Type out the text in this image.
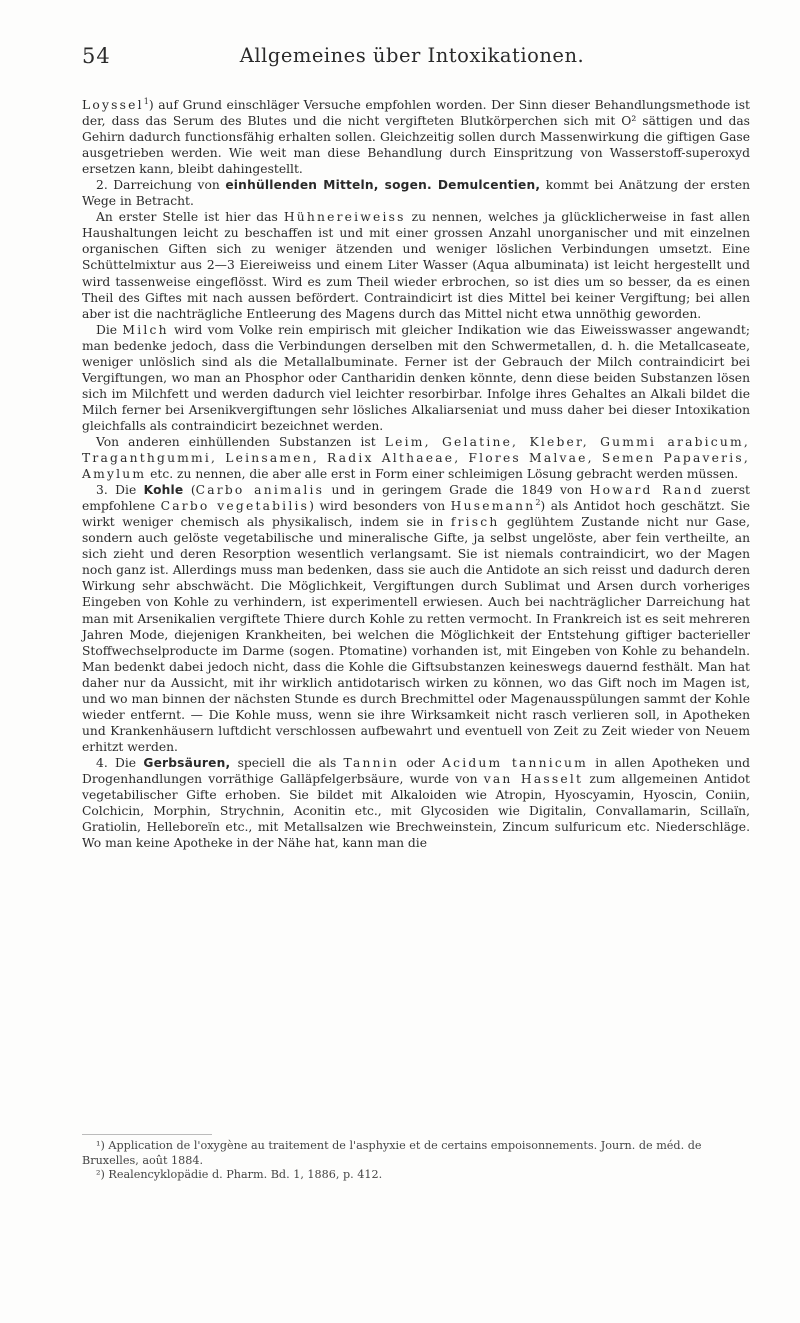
54	Allgemeines über Intoxikationen.

Loyssel$^1$) auf Grund einschläger Versuche empfohlen worden. Der Sinn dieser Behandlungsmethode ist der, dass das Serum des Blutes und die nicht vergifteten Blutkörperchen sich mit O² sättigen und das Gehirn dadurch functionsfähig erhalten sollen. Gleichzeitig sollen durch Massenwirkung die giftigen Gase ausgetrieben werden. Wie weit man diese Behandlung durch Einspritzung von Wasserstoff-superoxyd ersetzen kann, bleibt dahingestellt.

2. Darreichung von einhüllenden Mitteln, sogen. Demulcentien, kommt bei Anätzung der ersten Wege in Betracht.

An erster Stelle ist hier das Hühnereiweiss zu nennen, welches ja glücklicherweise in fast allen Haushaltungen leicht zu beschaffen ist und mit einer grossen Anzahl unorganischer und mit einzelnen organischen Giften sich zu weniger ätzenden und weniger löslichen Verbindungen umsetzt. Eine Schüttelmixtur aus 2—3 Eiereiweiss und einem Liter Wasser (Aqua albuminata) ist leicht hergestellt und wird tassenweise eingeflösst. Wird es zum Theil wieder erbrochen, so ist dies um so besser, da es einen Theil des Giftes mit nach aussen befördert. Contraindicirt ist dies Mittel bei keiner Vergiftung; bei allen aber ist die nachträgliche Entleerung des Magens durch das Mittel nicht etwa unnöthig geworden.

Die Milch wird vom Volke rein empirisch mit gleicher Indikation wie das Eiweisswasser angewandt; man bedenke jedoch, dass die Verbindungen derselben mit den Schwermetallen, d. h. die Metallcaseate, weniger unlöslich sind als die Metallalbuminate. Ferner ist der Gebrauch der Milch contraindicirt bei Vergiftungen, wo man an Phosphor oder Cantharidin denken könnte, denn diese beiden Substanzen lösen sich im Milchfett und werden dadurch viel leichter resorbirbar. Infolge ihres Gehaltes an Alkali bildet die Milch ferner bei Arsenikvergiftungen sehr lösliches Alkaliarseniat und muss daher bei dieser Intoxikation gleichfalls als contraindicirt bezeichnet werden.

Von anderen einhüllenden Substanzen ist Leim, Gelatine, Kleber, Gummi arabicum, Traganthgummi, Leinsamen, Radix Althaeae, Flores Malvae, Semen Papaveris, Amylum etc. zu nennen, die aber alle erst in Form einer schleimigen Lösung gebracht werden müssen.

3. Die Kohle (Carbo animalis und in geringem Grade die 1849 von Howard Rand zuerst empfohlene Carbo vegetabilis) wird besonders von Husemann$^2$) als Antidot hoch geschätzt. Sie wirkt weniger chemisch als physikalisch, indem sie in frisch geglühtem Zustande nicht nur Gase, sondern auch gelöste vegetabilische und mineralische Gifte, ja selbst ungelöste, aber fein vertheilte, an sich zieht und deren Resorption wesentlich verlangsamt. Sie ist niemals contraindicirt, wo der Magen noch ganz ist. Allerdings muss man bedenken, dass sie auch die Antidote an sich reisst und dadurch deren Wirkung sehr abschwächt. Die Möglichkeit, Vergiftungen durch Sublimat und Arsen durch vorheriges Eingeben von Kohle zu verhindern, ist experimentell erwiesen. Auch bei nachträglicher Darreichung hat man mit Arsenikalien vergiftete Thiere durch Kohle zu retten vermocht. In Frankreich ist es seit mehreren Jahren Mode, diejenigen Krankheiten, bei welchen die Möglichkeit der Entstehung giftiger bacterieller Stoffwechselproducte im Darme (sogen. Ptomatine) vorhanden ist, mit Eingeben von Kohle zu behandeln. Man bedenkt dabei jedoch nicht, dass die Kohle die Giftsubstanzen keineswegs dauernd festhält. Man hat daher nur da Aussicht, mit ihr wirklich antidotarisch wirken zu können, wo das Gift noch im Magen ist, und wo man binnen der nächsten Stunde es durch Brechmittel oder Magenausspülungen sammt der Kohle wieder entfernt. — Die Kohle muss, wenn sie ihre Wirksamkeit nicht rasch verlieren soll, in Apotheken und Krankenhäusern luftdicht verschlossen aufbewahrt und eventuell von Zeit zu Zeit wieder von Neuem erhitzt werden.

4. Die Gerbsäuren, speciell die als Tannin oder Acidum tannicum in allen Apotheken und Drogenhandlungen vorräthige Galläpfelgerbsäure, wurde von van Hasselt zum allgemeinen Antidot vegetabilischer Gifte erhoben. Sie bildet mit Alkaloiden wie Atropin, Hyoscyamin, Hyoscin, Coniin, Colchicin, Morphin, Strychnin, Aconitin etc., mit Glycosiden wie Digitalin, Convallamarin, Scillaïn, Gratiolin, Helleboreïn etc., mit Metallsalzen wie Brechweinstein, Zincum sulfuricum etc. Niederschläge. Wo man keine Apotheke in der Nähe hat, kann man die

¹) Application de l'oxygène au traitement de l'asphyxie et de certains empoisonnements. Journ. de méd. de Bruxelles, août 1884.

²) Realencyklopädie d. Pharm. Bd. 1, 1886, p. 412.
